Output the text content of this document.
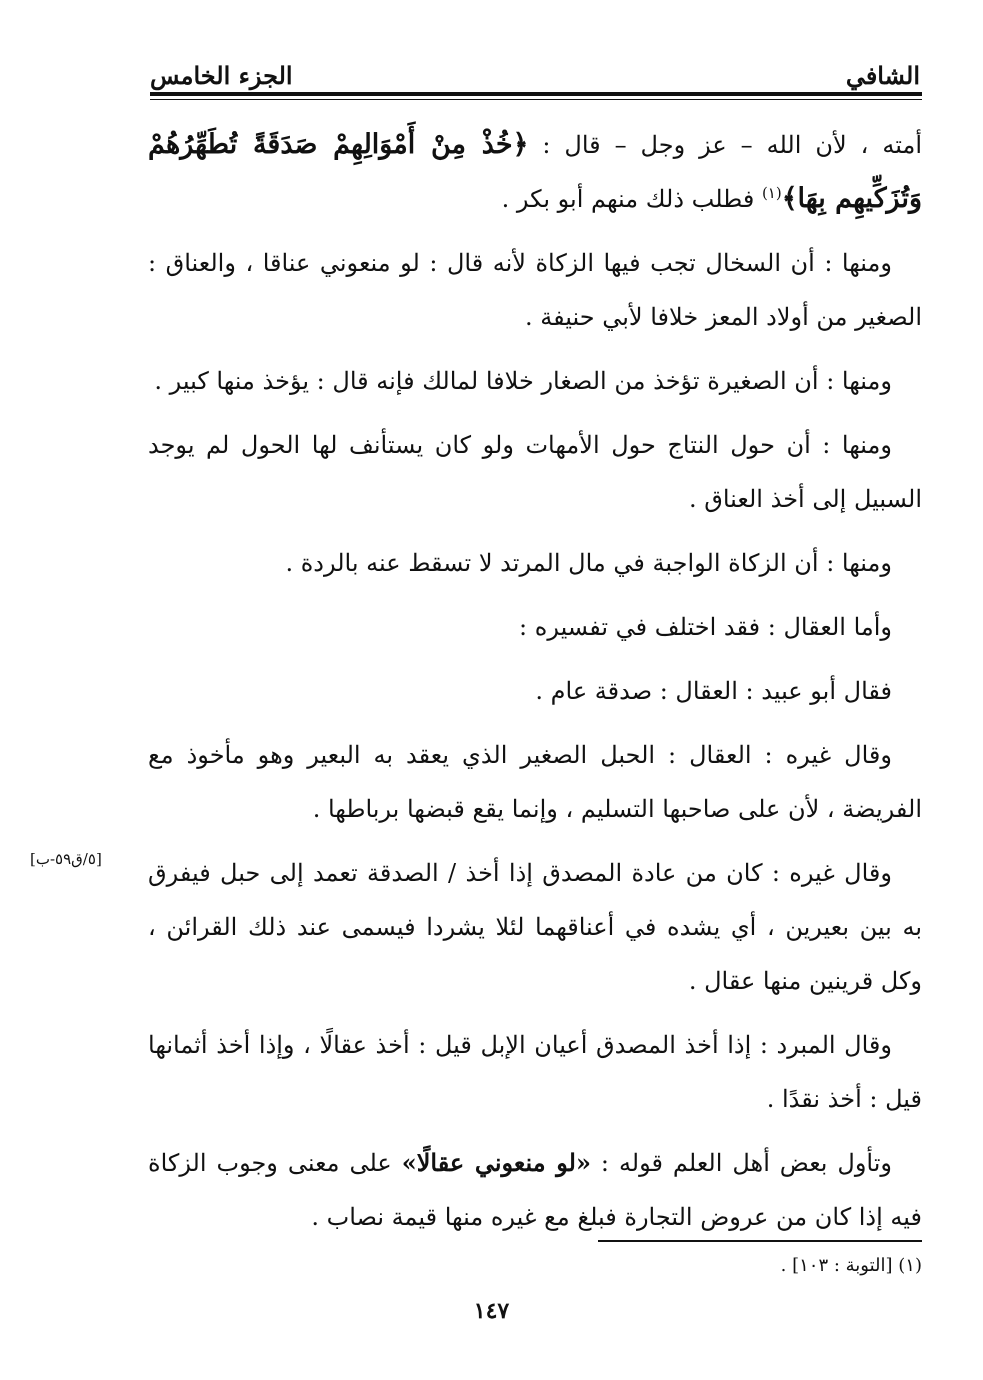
الشافي
الجزء الخامس

أمته ، لأن الله – عز وجل – قال : ﴿خُذْ مِنْ أَمْوَالِهِمْ صَدَقَةً تُطَهِّرُهُمْ وَتُزَكِّيهِم بِهَا﴾$^{(١)}$ فطلب ذلك منهم أبو بكر .

ومنها : أن السخال تجب فيها الزكاة لأنه قال : لو منعوني عناقا ، والعناق : الصغير من أولاد المعز خلافا لأبي حنيفة .

ومنها : أن الصغيرة تؤخذ من الصغار خلافا لمالك فإنه قال : يؤخذ منها كبير .

ومنها : أن حول النتاج حول الأمهات ولو كان يستأنف لها الحول لم يوجد السبيل إلى أخذ العناق .

ومنها : أن الزكاة الواجبة في مال المرتد لا تسقط عنه بالردة .

وأما العقال : فقد اختلف في تفسيره :

فقال أبو عبيد : العقال : صدقة عام .

وقال غيره : العقال : الحبل الصغير الذي يعقد به البعير وهو مأخوذ مع الفريضة ، لأن على صاحبها التسليم ، وإنما يقع قبضها برباطها .

وقال غيره : كان من عادة المصدق إذا أخذ / الصدقة تعمد إلى حبل فيفرق به بين بعيرين ، أي يشده في أعناقهما لئلا يشردا فيسمى عند ذلك القرائن ، وكل قرينين منها عقال .

وقال المبرد : إذا أخذ المصدق أعيان الإبل قيل : أخذ عقالًا ، وإذا أخذ أثمانها قيل : أخذ نقدًا .

وتأول بعض أهل العلم قوله : «لو منعوني عقالًا» على معنى وجوب الزكاة فيه إذا كان من عروض التجارة فبلغ مع غيره منها قيمة نصاب .

[٥/ق٥٩-ب]
(١) [التوبة : ١٠٣] .
١٤٧
